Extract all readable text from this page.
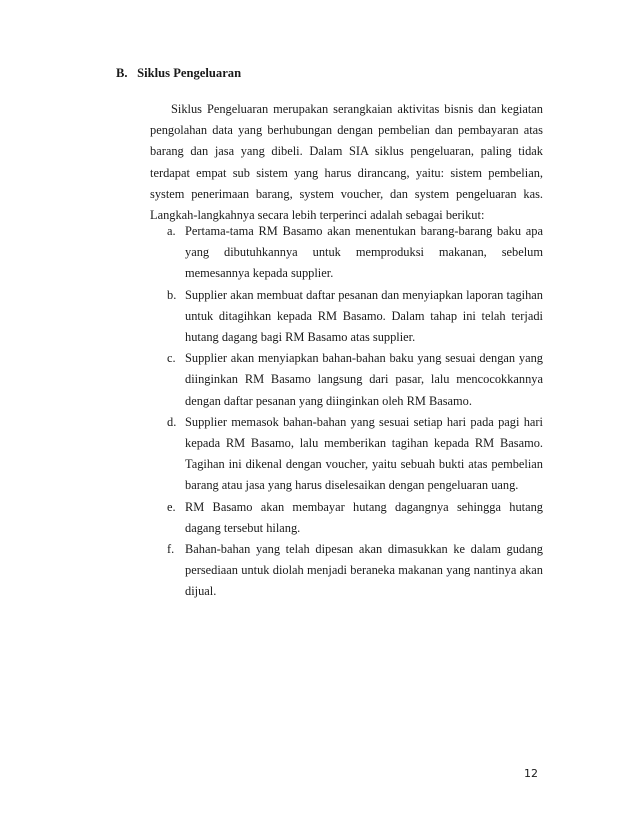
B. Siklus Pengeluaran

Siklus Pengeluaran merupakan serangkaian aktivitas bisnis dan kegiatan pengolahan data yang berhubungan dengan pembelian dan pembayaran atas barang dan jasa yang dibeli. Dalam SIA siklus pengeluaran, paling tidak terdapat empat sub sistem yang harus dirancang, yaitu: sistem pembelian, system penerimaan barang, system voucher, dan system pengeluaran kas. Langkah-langkahnya secara lebih terperinci adalah sebagai berikut:

a. Pertama-tama RM Basamo akan menentukan barang-barang baku apa yang dibutuhkannya untuk memproduksi makanan, sebelum memesannya kepada supplier.
b. Supplier akan membuat daftar pesanan dan menyiapkan laporan tagihan untuk ditagihkan kepada RM Basamo. Dalam tahap ini telah terjadi hutang dagang bagi RM Basamo atas supplier.
c. Supplier akan menyiapkan bahan-bahan baku yang sesuai dengan yang diinginkan RM Basamo langsung dari pasar, lalu mencocokkannya dengan daftar pesanan yang diinginkan oleh RM Basamo.
d. Supplier memasok bahan-bahan yang sesuai setiap hari pada pagi hari kepada RM Basamo, lalu memberikan tagihan kepada RM Basamo. Tagihan ini dikenal dengan voucher, yaitu sebuah bukti atas pembelian barang atau jasa yang harus diselesaikan dengan pengeluaran uang.
e. RM Basamo akan membayar hutang dagangnya sehingga hutang dagang tersebut hilang.
f. Bahan-bahan yang telah dipesan akan dimasukkan ke dalam gudang persediaan untuk diolah menjadi beraneka makanan yang nantinya akan dijual.
12
